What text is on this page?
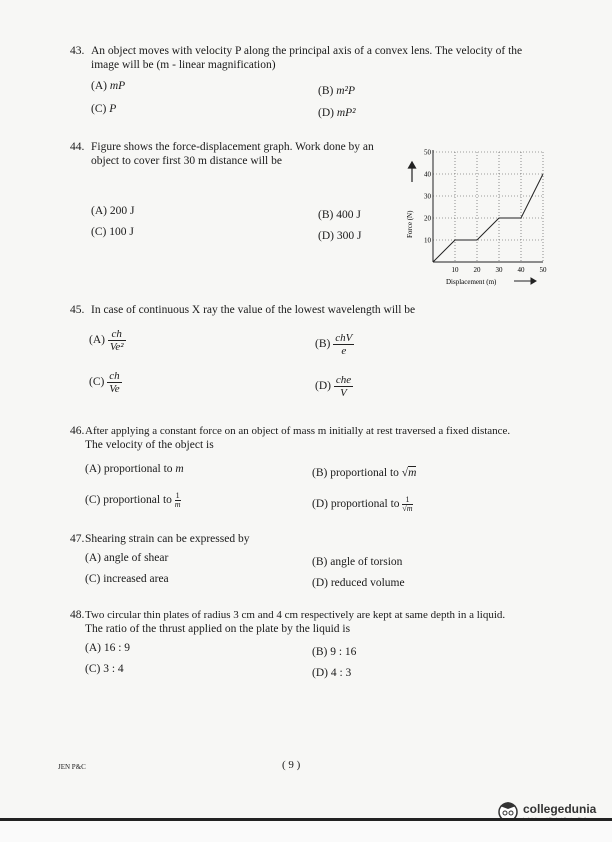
43. An object moves with velocity P along the principal axis of a convex lens. The velocity of the
image will be (m - linear magnification)
(A) mP	(B) m²P
(C) P	(D) mP²
44. Figure shows the force-displacement graph. Work done by an
object to cover first 30 m distance will be
(A) 200 J	(B) 400 J
(C) 100 J	(D) 300 J	10
20
30
40
50
10 20 30 40 50
Force (N)
Displacement (m)
45. In case of continuous X ray the value of the lowest wavelength will be
$(A) \frac{ch}{\text{Ve²}}$	$(B) \frac{\text{chV}}{e}$
$(C) \frac{ch}{Ve}$	$(D) \frac{\text{che}}{V}$
46. After applying a constant force on an object of mass m initially at rest traversed a fixed distance.
The velocity of the object is
(A) proportional to m	(B) proportional to √m
(C) proportional to $\frac{1}{m}$	(D) proportional to $\frac{1}{√m}$
47. Shearing strain can be expressed by
(A) angle of shear	(B) angle of torsion
(C) increased area	(D) reduced volume
48. Two circular thin plates of radius 3 cm and 4 cm respectively are kept at same depth in a liquid.
The ratio of the thrust applied on the plate by the liquid is
(A) 16 : 9	(B) 9 : 16
(C) 3 : 4	(D) 4 : 3
JEN P&C	( 9 )

collegedunia
